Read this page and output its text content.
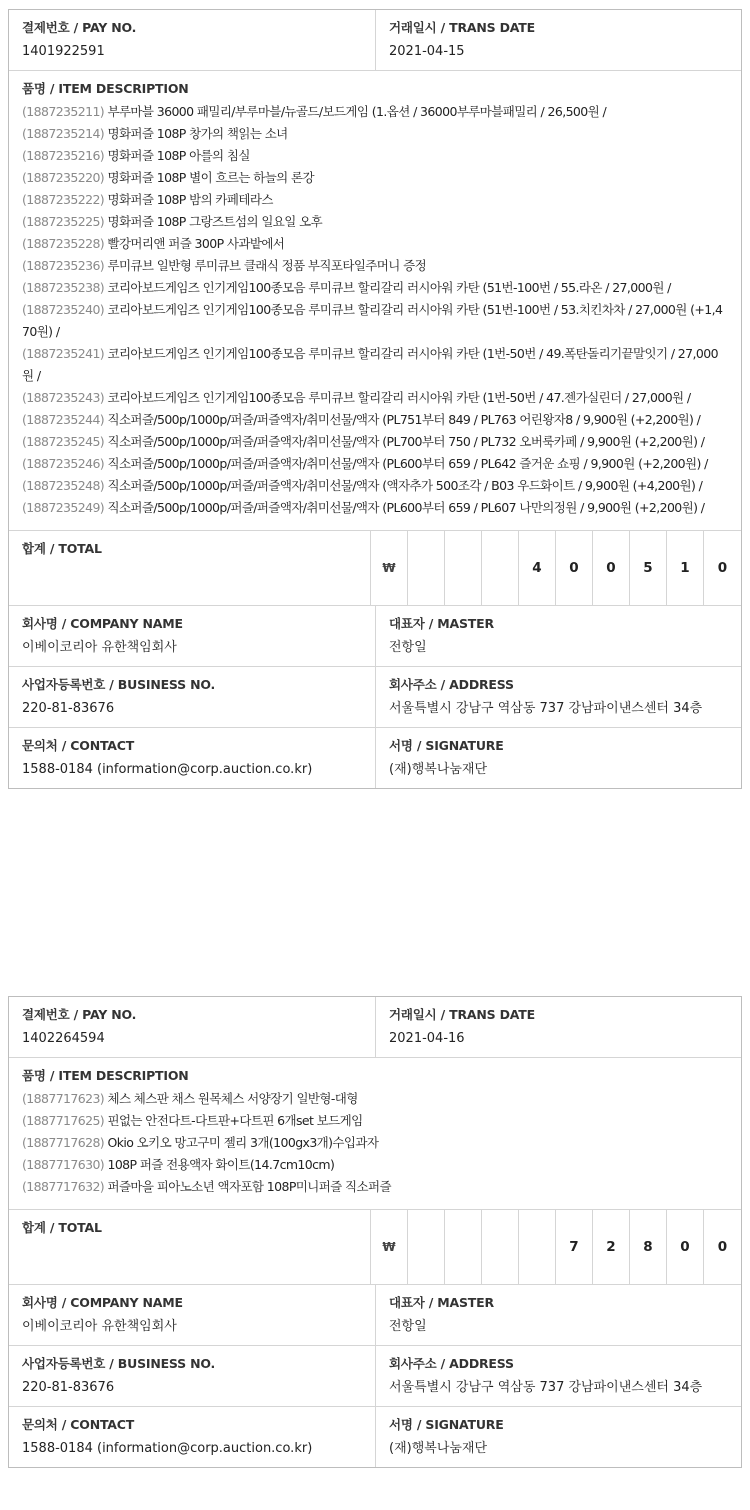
결제번호 / PAY NO.
1401922591
거래일시 / TRANS DATE
2021-04-15
품명 / ITEM DESCRIPTION
(1887235211) 부루마블 36000 패밀리/부루마블/뉴골드/보드게임 (1.옵션 / 36000부루마블패밀리 / 26,500원 /
(1887235214) 명화퍼즐 108P 창가의 책읽는 소녀
(1887235216) 명화퍼즐 108P 아를의 침실
(1887235220) 명화퍼즐 108P 별이 흐르는 하늘의 론강
(1887235222) 명화퍼즐 108P 밤의 카페테라스
(1887235225) 명화퍼즐 108P 그랑즈트섬의 일요일 오후
(1887235228) 빨강머리앤 퍼즐 300P 사과밭에서
(1887235236) 루미큐브 일반형 루미큐브 클래식 정품 부직포타일주머니 증정
(1887235238) 코리아보드게임즈 인기게임100종모음 루미큐브 할리갈리 러시아워 카탄 (51번-100번 / 55.라온 / 27,000원 /
(1887235240) 코리아보드게임즈 인기게임100종모음 루미큐브 할리갈리 러시아워 카탄 (51번-100번 / 53.치킨차차 / 27,000원 (+1,470원) /
(1887235241) 코리아보드게임즈 인기게임100종모음 루미큐브 할리갈리 러시아워 카탄 (1번-50번 / 49.폭탄돌리기끝말잇기 / 27,000원 /
(1887235243) 코리아보드게임즈 인기게임100종모음 루미큐브 할리갈리 러시아워 카탄 (1번-50번 / 47.젠가실린더 / 27,000원 /
(1887235244) 직소퍼즐/500p/1000p/퍼즐/퍼즐액자/취미선물/액자 (PL751부터 849 / PL763 어린왕자8 / 9,900원 (+2,200원) /
(1887235245) 직소퍼즐/500p/1000p/퍼즐/퍼즐액자/취미선물/액자 (PL700부터 750 / PL732 오버룩카페 / 9,900원 (+2,200원) /
(1887235246) 직소퍼즐/500p/1000p/퍼즐/퍼즐액자/취미선물/액자 (PL600부터 659 / PL642 즐거운 쇼핑 / 9,900원 (+2,200원) /
(1887235248) 직소퍼즐/500p/1000p/퍼즐/퍼즐액자/취미선물/액자 (액자추가 500조각 / B03 우드화이트 / 9,900원 (+4,200원) /
(1887235249) 직소퍼즐/500p/1000p/퍼즐/퍼즐액자/취미선물/액자 (PL600부터 659 / PL607 나만의정원 / 9,900원 (+2,200원) /
합계 / TOTAL
₩	4	0	0	5	1	0
회사명 / COMPANY NAME
이베이코리아 유한책임회사
대표자 / MASTER
전항일
사업자등록번호 / BUSINESS NO.
220-81-83676
회사주소 / ADDRESS
서울특별시 강남구 역삼동 737 강남파이낸스센터 34층
문의처 / CONTACT
1588-0184 (information@corp.auction.co.kr)
서명 / SIGNATURE
(재)행복나눔재단
결제번호 / PAY NO.
1402264594
거래일시 / TRANS DATE
2021-04-16
품명 / ITEM DESCRIPTION
(1887717623) 체스 체스판 채스 원목체스 서양장기 일반형-대형
(1887717625) 핀없는 안전다트-다트판+다트핀 6개set 보드게임
(1887717628) Okio 오키오 망고구미 젤리 3개(100gx3개)수입과자
(1887717630) 108P 퍼즐 전용액자 화이트(14.7cm10cm)
(1887717632) 퍼즐마을 피아노소년 액자포함 108P미니퍼즐 직소퍼즐
합계 / TOTAL
₩	7	2	8	0	0
회사명 / COMPANY NAME
이베이코리아 유한책임회사
대표자 / MASTER
전항일
사업자등록번호 / BUSINESS NO.
220-81-83676
회사주소 / ADDRESS
서울특별시 강남구 역삼동 737 강남파이낸스센터 34층
문의처 / CONTACT
1588-0184 (information@corp.auction.co.kr)
서명 / SIGNATURE
(재)행복나눔재단
